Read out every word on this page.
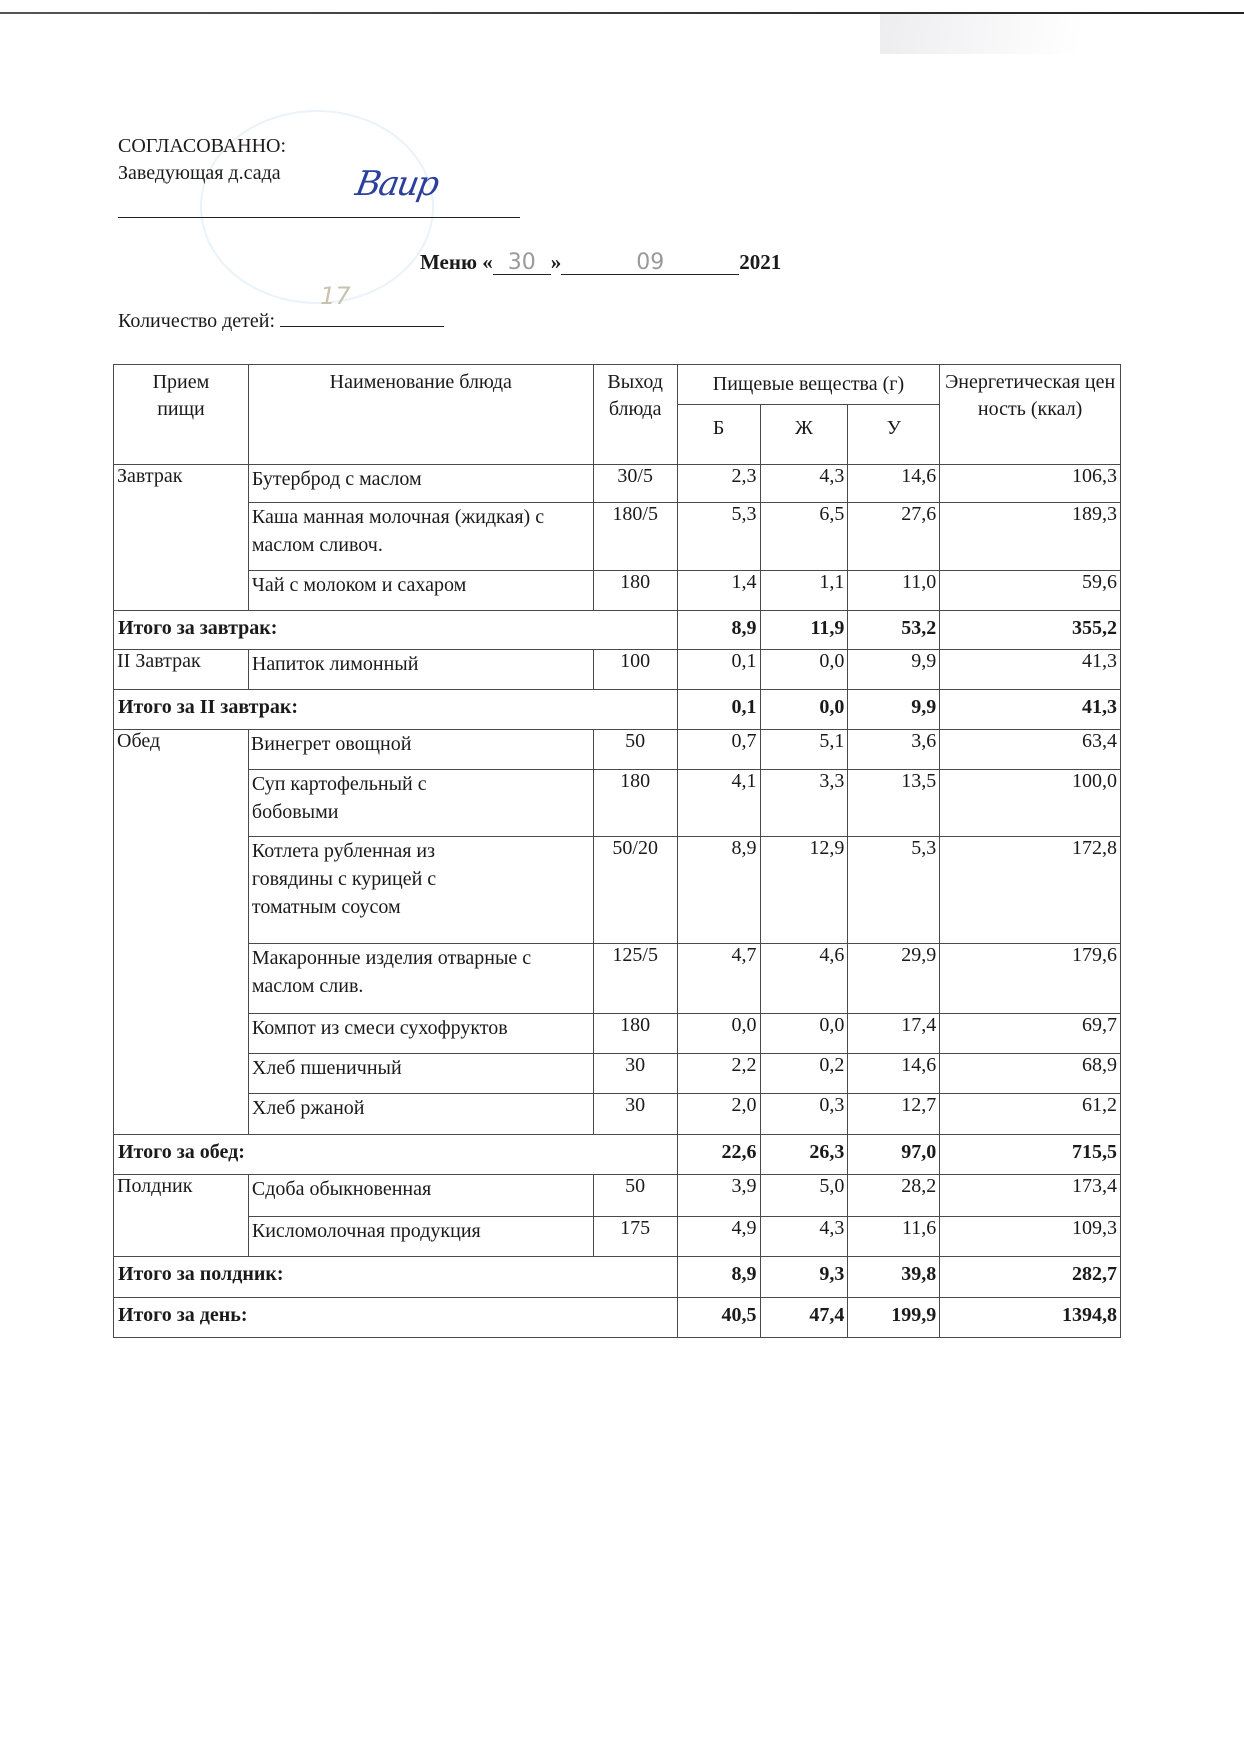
СОГЛАСОВАННО:
Заведующая д.сада	Ваир
Меню « 30 »	09	2021
Количество детей:
17
Прием пищи	Наименование блюда	Выход блюда	Пищевые вещества (г)			Энергетическая ценность (ккал)
			Б	Ж	У	
Завтрак	Бутерброд с маслом	30/5	2,3	4,3	14,6	106,3
	Каша манная молочная (жидкая) с маслом сливоч.	180/5	5,3	6,5	27,6	189,3
	Чай с молоком и сахаром	180	1,4	1,1	11,0	59,6
Итого за завтрак:			8,9	11,9	53,2	355,2
II Завтрак	Напиток лимонный	100	0,1	0,0	9,9	41,3
Итого за II завтрак:			0,1	0,0	9,9	41,3
Обед	Винегрет овощной	50	0,7	5,1	3,6	63,4
	Суп картофельный с бобовыми	180	4,1	3,3	13,5	100,0
	Котлета рубленная из говядины с курицей с томатным соусом	50/20	8,9	12,9	5,3	172,8
	Макаронные изделия отварные с маслом слив.	125/5	4,7	4,6	29,9	179,6
	Компот из смеси сухофруктов	180	0,0	0,0	17,4	69,7
	Хлеб пшеничный	30	2,2	0,2	14,6	68,9
	Хлеб ржаной	30	2,0	0,3	12,7	61,2
Итого за обед:			22,6	26,3	97,0	715,5
Полдник	Сдоба обыкновенная	50	3,9	5,0	28,2	173,4
	Кисломолочная продукция	175	4,9	4,3	11,6	109,3
Итого за полдник:			8,9	9,3	39,8	282,7
Итого за день:			40,5	47,4	199,9	1394,8
